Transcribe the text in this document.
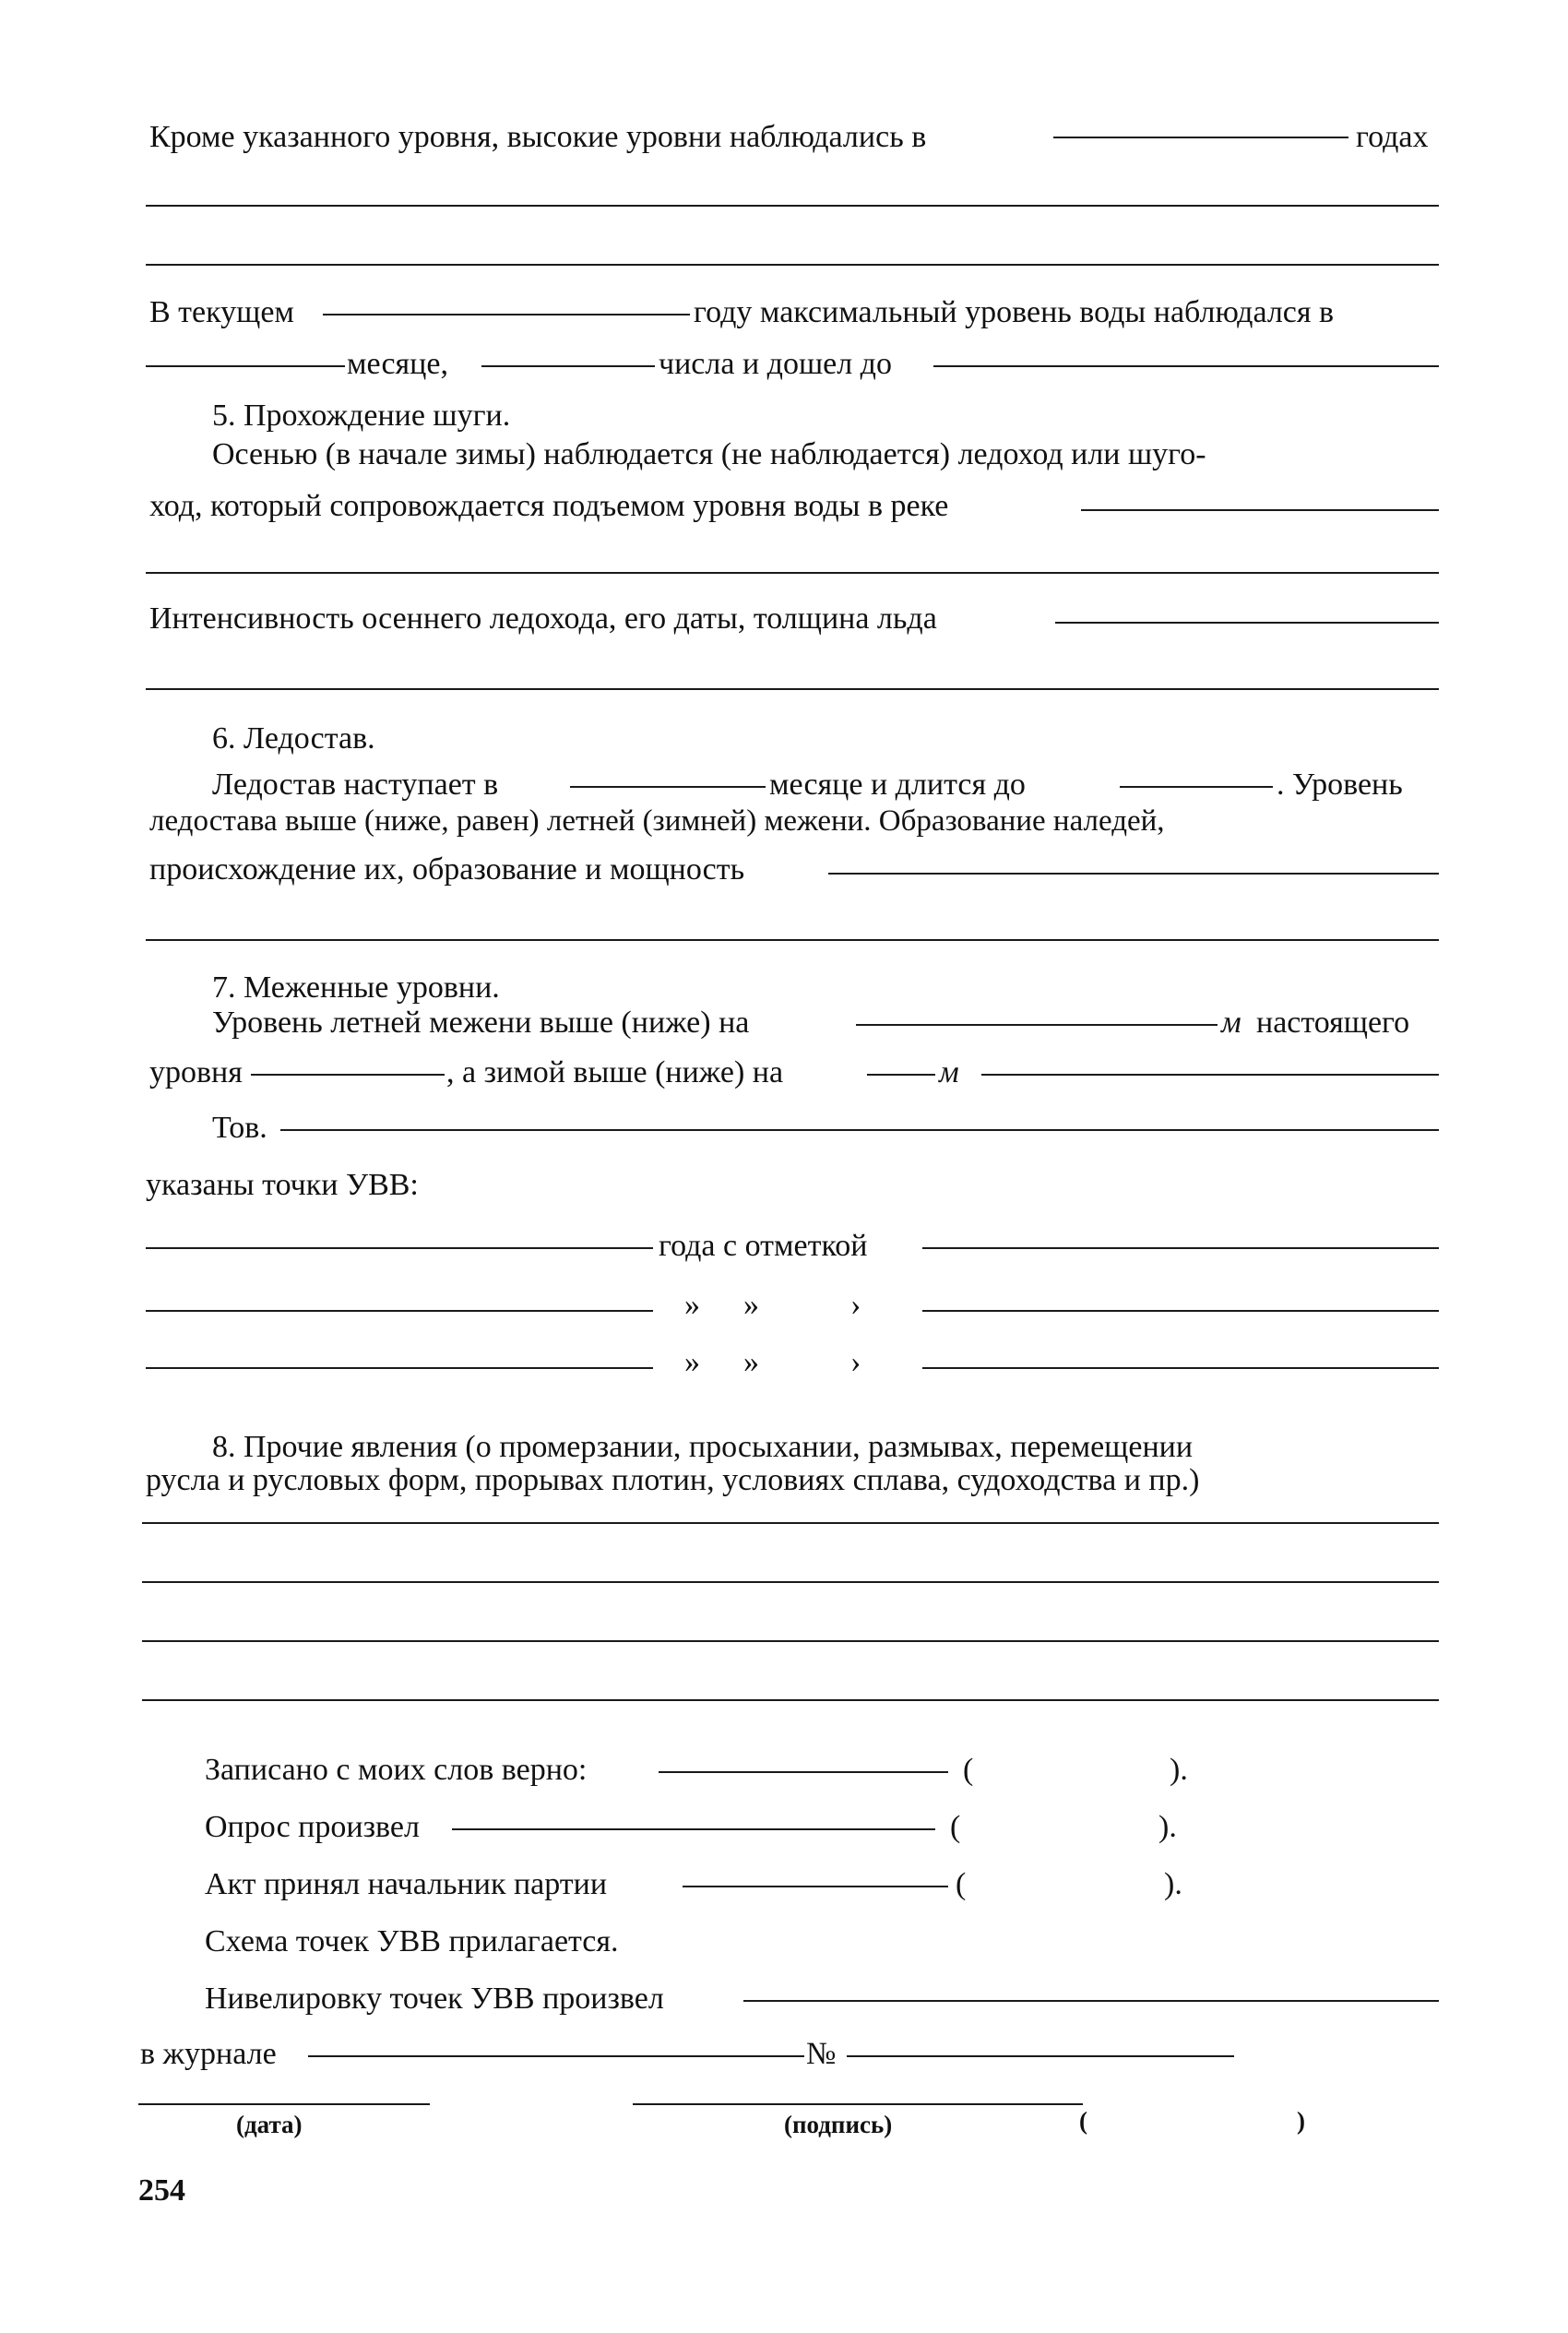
Кроме указанного уровня, высокие уровни наблюдались в	годах
В текущем	году максимальный уровень воды наблюдался в
месяце,	числа и дошел до
5. Прохождение шуги.
Осенью (в начале зимы) наблюдается (не наблюдается) ледоход или шуго-
ход, который сопровождается подъемом уровня воды в реке
Интенсивность осеннего ледохода, его даты, толщина льда
6. Ледостав.
Ледостав наступает в	месяце и длится до	. Уровень
ледостава выше (ниже, равен) летней (зимней) межени. Образование наледей,
происхождение их, образование и мощность
7. Меженные уровни.
Уровень летней межени выше (ниже) на	м настоящего
уровня	, а зимой выше (ниже) на	м
Тов.
указаны точки УВВ:
года с отметкой
» »	›
» »	›
8. Прочие явления (о промерзании, просыхании, размывах, перемещении
русла и русловых форм, прорывах плотин, условиях сплава, судоходства и пр.)
Записано с моих слов верно:	(	).
Опрос произвел	(	).
Акт принял начальник партии	(	).
Схема точек УВВ прилагается.
Нивелировку точек УВВ произвел
в журнале	№
(дата)	(подпись)	(	)
254
